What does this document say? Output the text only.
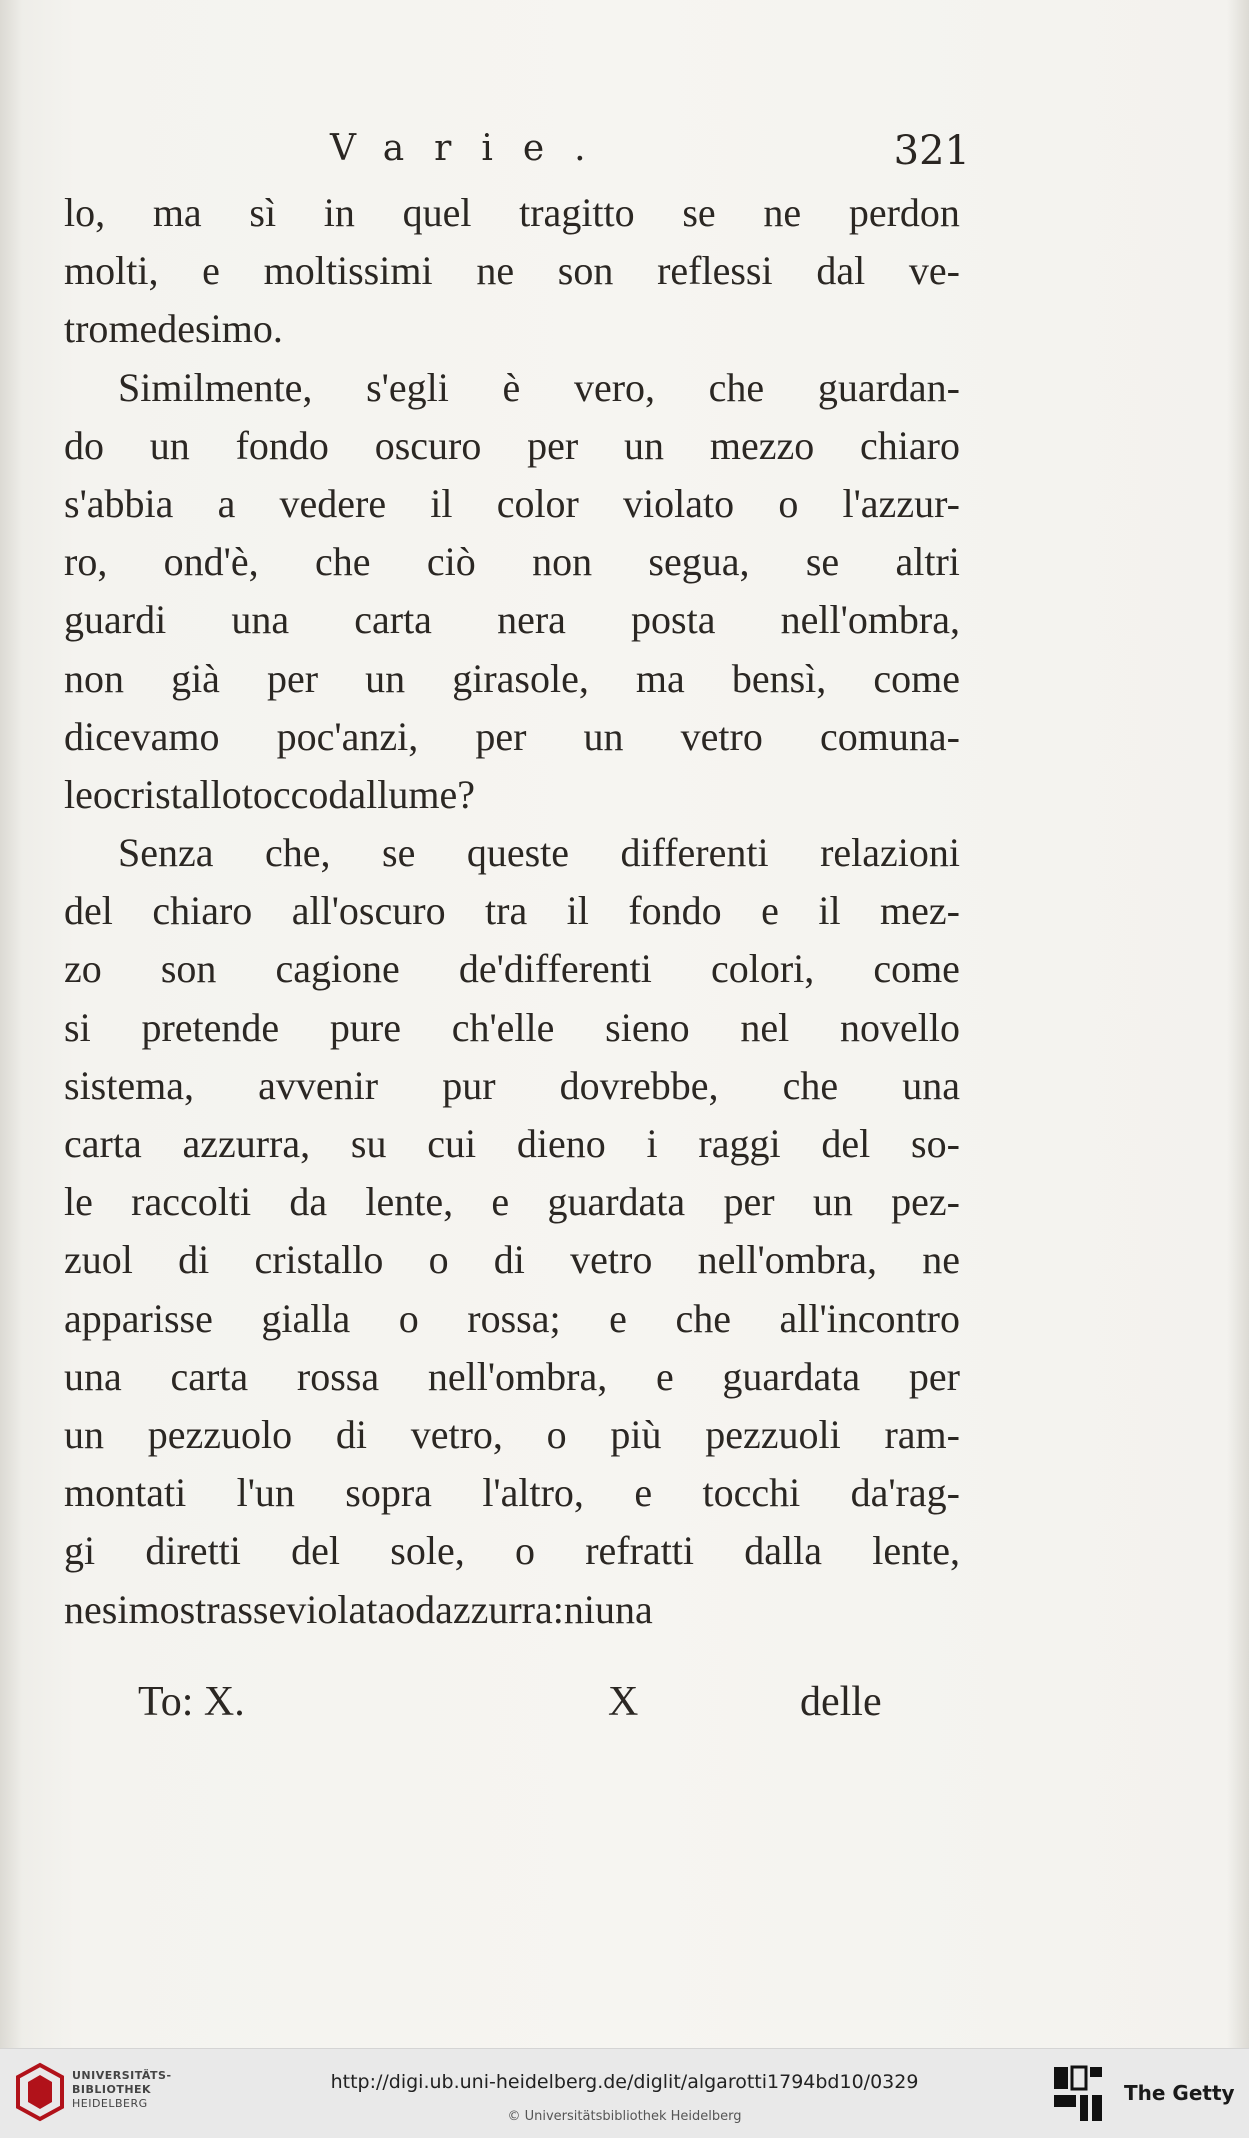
Varie.	321
lo, ma sì in quel tragitto se ne perdon
molti, e moltissimi ne son reflessi dal ve-
tro medesimo.
Similmente, s'egli è vero, che guardan-
do un fondo oscuro per un mezzo chiaro
s'abbia a vedere il color violato o l'azzur-
ro, ond'è, che ciò non segua, se altri
guardi una carta nera posta nell'ombra,
non già per un girasole, ma bensì, come
dicevamo poc'anzi, per un vetro comuna-
le o cristallo tocco dal lume?
Senza che, se queste differenti relazioni
del chiaro all'oscuro tra il fondo e il mez-
zo son cagione de'differenti colori, come
si pretende pure ch'elle sieno nel novello
sistema, avvenir pur dovrebbe, che una
carta azzurra, su cui dieno i raggi del so-
le raccolti da lente, e guardata per un pez-
zuol di cristallo o di vetro nell'ombra, ne
apparisse gialla o rossa; e che all'incontro
una carta rossa nell'ombra, e guardata per
un pezzuolo di vetro, o più pezzuoli ram-
montati l'un sopra l'altro, e tocchi da'rag-
gi diretti del sole, o refratti dalla lente,
ne si mostrasse violata od azzurra: niuna
To: X.	X	delle
UNIVERSITÄTS-
BIBLIOTHEK
HEIDELBERG
http://digi.ub.uni-heidelberg.de/diglit/algarotti1794bd10/0329
© Universitätsbibliothek Heidelberg
The Getty
